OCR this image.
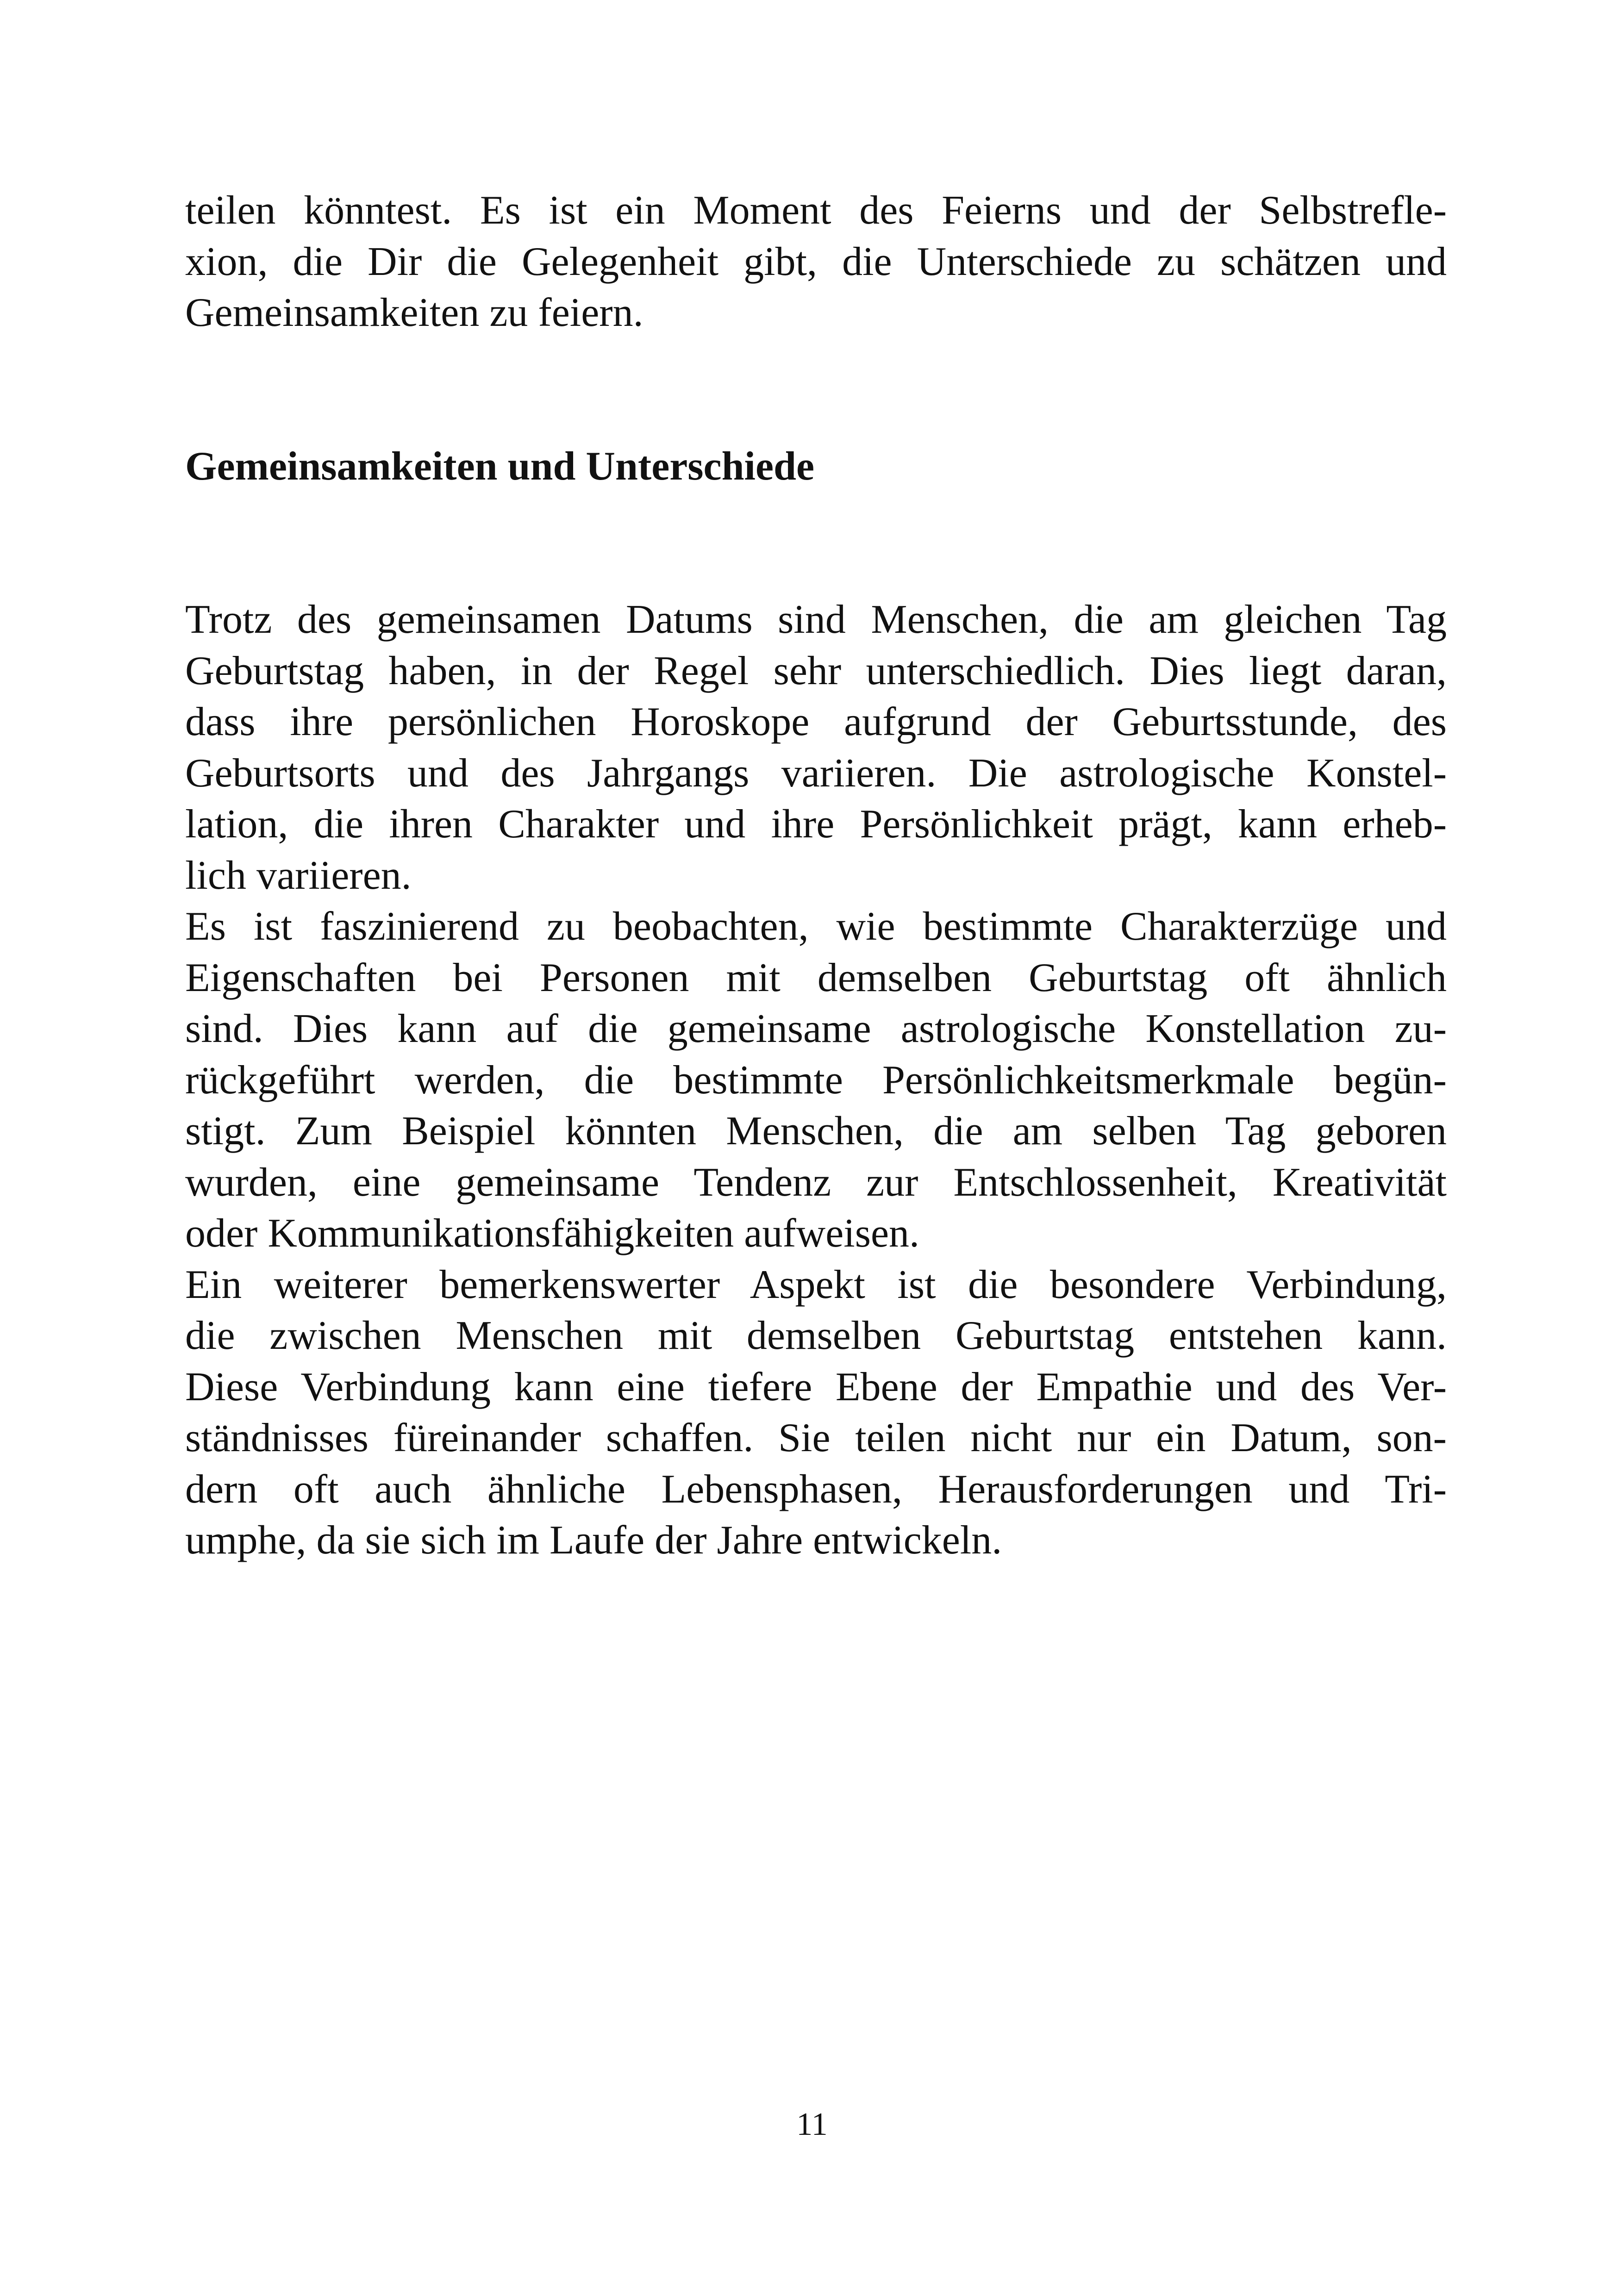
teilen könntest. Es ist ein Moment des Feierns und der Selbstrefle-
xion, die Dir die Gelegenheit gibt, die Unterschiede zu schätzen und
Gemeinsamkeiten zu feiern.

Gemeinsamkeiten und Unterschiede

Trotz des gemeinsamen Datums sind Menschen, die am gleichen Tag
Geburtstag haben, in der Regel sehr unterschiedlich. Dies liegt daran,
dass ihre persönlichen Horoskope aufgrund der Geburtsstunde, des
Geburtsorts und des Jahrgangs variieren. Die astrologische Konstel-
lation, die ihren Charakter und ihre Persönlichkeit prägt, kann erheb-
lich variieren.

Es ist faszinierend zu beobachten, wie bestimmte Charakterzüge und
Eigenschaften bei Personen mit demselben Geburtstag oft ähnlich
sind. Dies kann auf die gemeinsame astrologische Konstellation zu-
rückgeführt werden, die bestimmte Persönlichkeitsmerkmale begün-
stigt. Zum Beispiel könnten Menschen, die am selben Tag geboren
wurden, eine gemeinsame Tendenz zur Entschlossenheit, Kreativität
oder Kommunikationsfähigkeiten aufweisen.

Ein weiterer bemerkenswerter Aspekt ist die besondere Verbindung,
die zwischen Menschen mit demselben Geburtstag entstehen kann.
Diese Verbindung kann eine tiefere Ebene der Empathie und des Ver-
ständnisses füreinander schaffen. Sie teilen nicht nur ein Datum, son-
dern oft auch ähnliche Lebensphasen, Herausforderungen und Tri-
umphe, da sie sich im Laufe der Jahre entwickeln.

11
